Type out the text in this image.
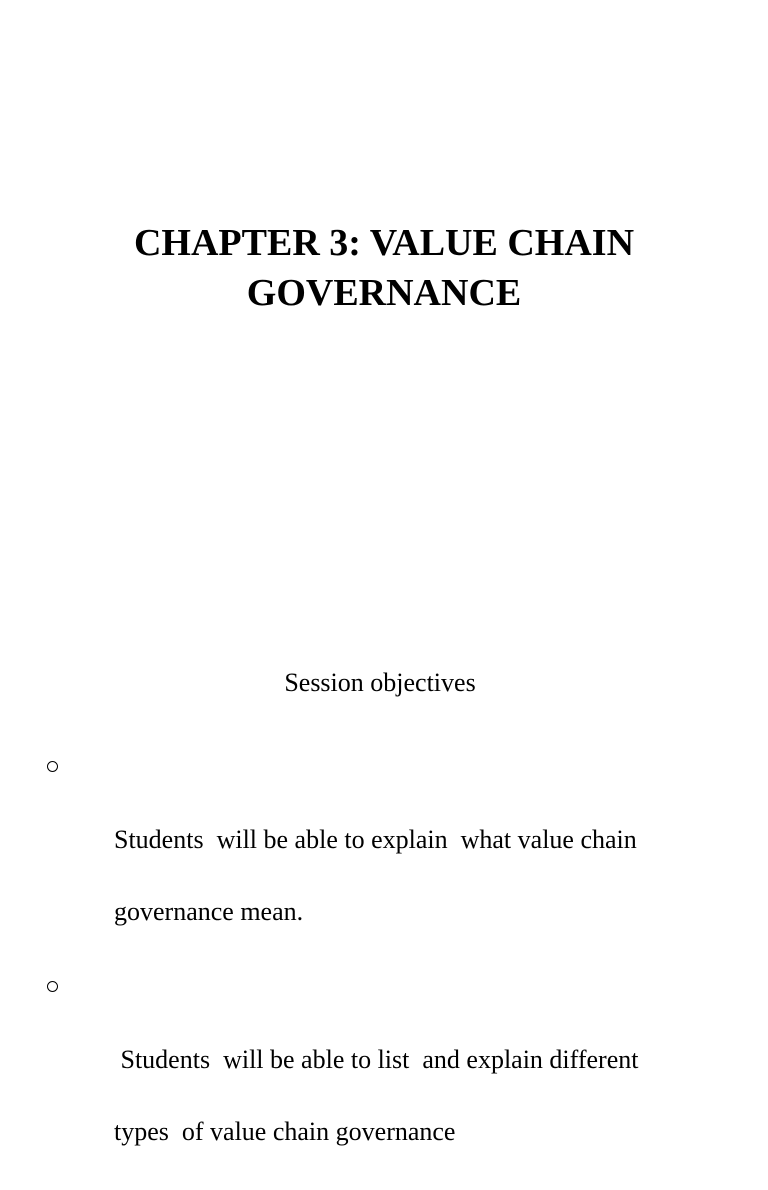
CHAPTER 3: VALUE CHAIN
GOVERNANCE
Session objectives

Students  will be able to explain  what value chain

governance mean.

Students  will be able to list  and explain different

types  of value chain governance
